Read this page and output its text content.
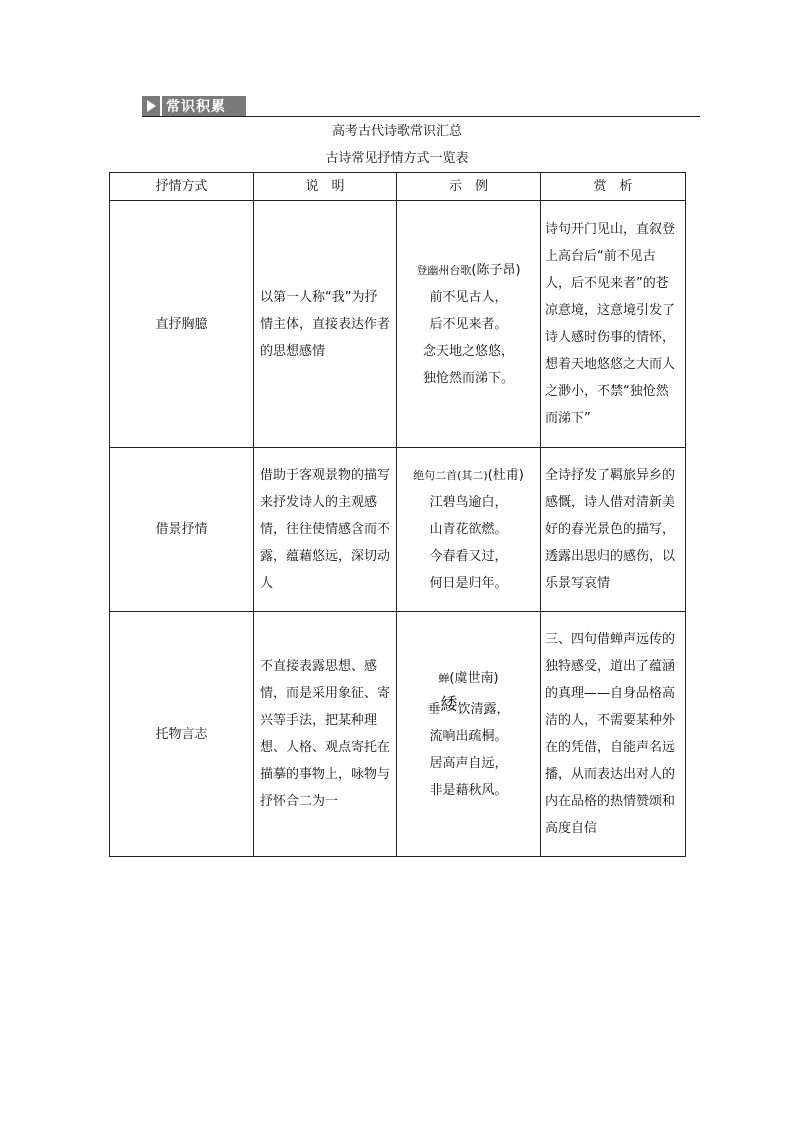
常识积累
高考古代诗歌常识汇总
古诗常见抒情方式一览表
抒情方式	说　明	示　例	赏　析
直抒胸臆	以第一人称“我”为抒情主体，直接表达作者的思想感情	登幽州台歌(陈子昂)
前不见古人，
后不见来者。
念天地之悠悠，
独怆然而涕下。	诗句开门见山，直叙登上高台后“前不见古人，后不见来者”的苍凉意境，这意境引发了诗人感时伤事的情怀，想着天地悠悠之大而人之渺小，不禁“独怆然而涕下”
借景抒情	借助于客观景物的描写来抒发诗人的主观感情，往往使情感含而不露，蕴藉悠远，深切动人	绝句二首(其二)(杜甫)
江碧鸟逾白，
山青花欲燃。
今春看又过，
何日是归年。	全诗抒发了羁旅异乡的感慨，诗人借对清新美好的春光景色的描写，透露出思归的感伤，以乐景写哀情
托物言志	不直接表露思想、感情，而是采用象征、寄兴等手法，把某种理想、人格、观点寄托在描摹的事物上，咏物与抒怀合二为一	蝉(虞世南)
垂緌饮清露，
流响出疏桐。
居高声自远，
非是藉秋风。	三、四句借蝉声远传的独特感受，道出了蕴涵的真理——自身品格高洁的人，不需要某种外在的凭借，自能声名远播，从而表达出对人的内在品格的热情赞颂和高度自信
